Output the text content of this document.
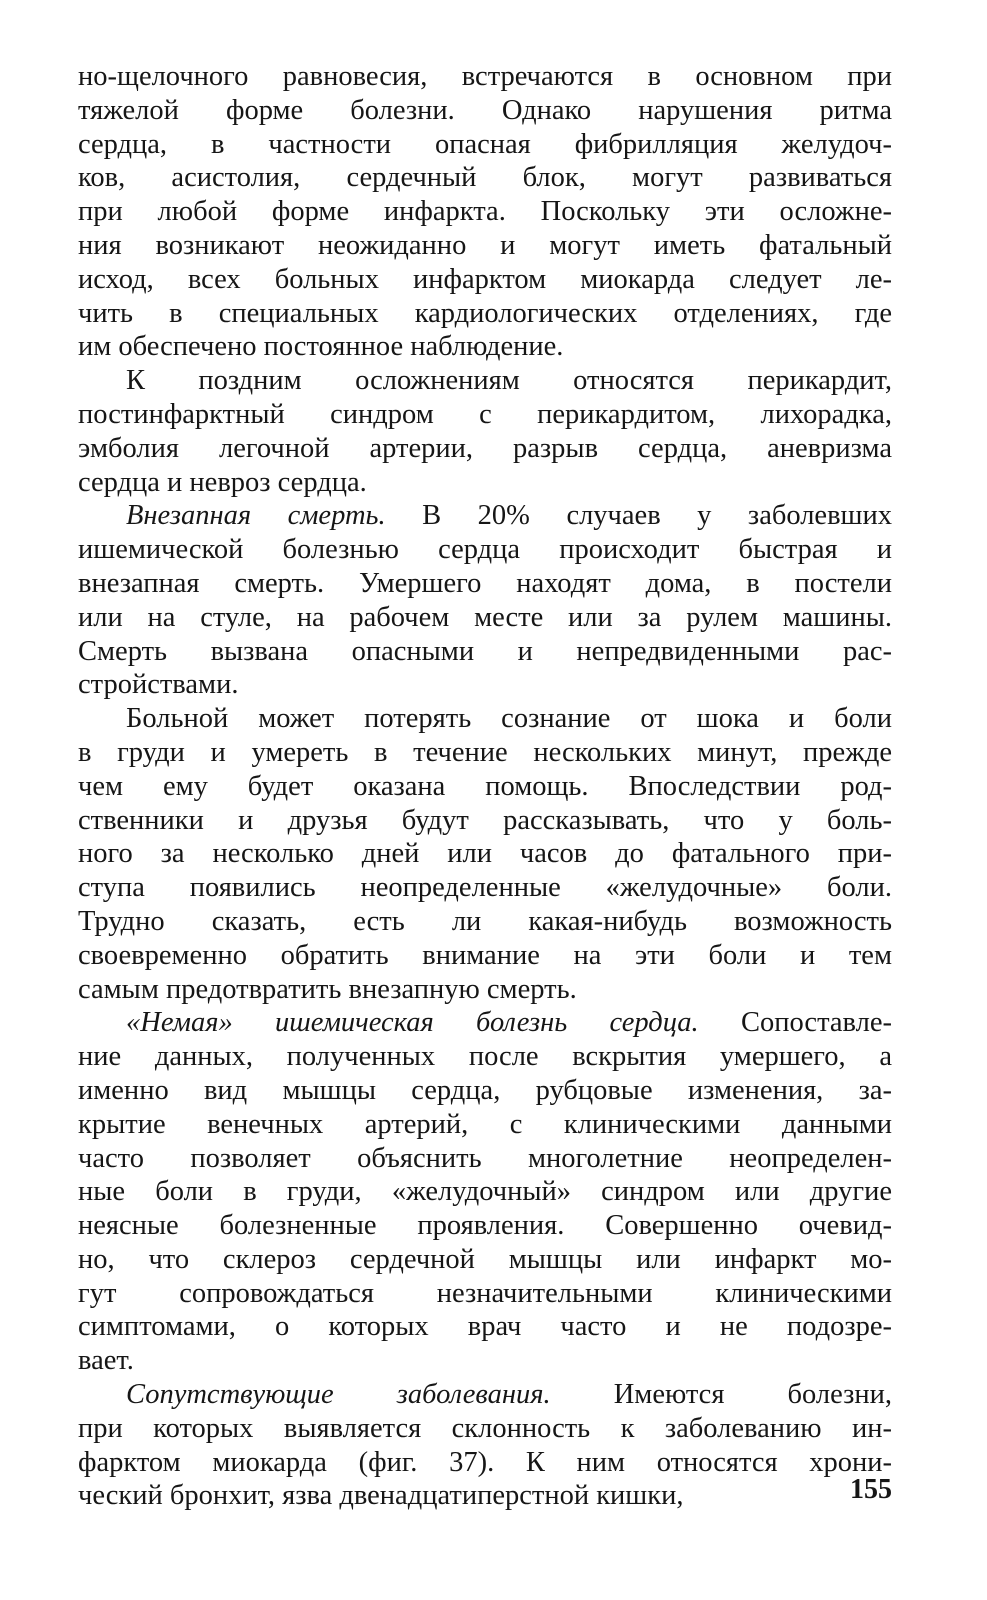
но-щелочного равновесия, встречаются в основном при
тяжелой форме болезни. Однако нарушения ритма
сердца, в частности опасная фибрилляция желудоч-
ков, асистолия, сердечный блок, могут развиваться
при любой форме инфаркта. Поскольку эти осложне-
ния возникают неожиданно и могут иметь фатальный
исход, всех больных инфарктом миокарда следует ле-
чить в специальных кардиологических отделениях, где
им обеспечено постоянное наблюдение.
К поздним осложнениям относятся перикардит,
постинфарктный синдром с перикардитом, лихорадка,
эмболия легочной артерии, разрыв сердца, аневризма
сердца и невроз сердца.
Внезапная смерть. В 20% случаев у заболевших
ишемической болезнью сердца происходит быстрая и
внезапная смерть. Умершего находят дома, в постели
или на стуле, на рабочем месте или за рулем машины.
Смерть вызвана опасными и непредвиденными рас-
стройствами.
Больной может потерять сознание от шока и боли
в груди и умереть в течение нескольких минут, прежде
чем ему будет оказана помощь. Впоследствии род-
ственники и друзья будут рассказывать, что у боль-
ного за несколько дней или часов до фатального при-
ступа появились неопределенные «желудочные» боли.
Трудно сказать, есть ли какая-нибудь возможность
своевременно обратить внимание на эти боли и тем
самым предотвратить внезапную смерть.
«Немая» ишемическая болезнь сердца. Сопоставле-
ние данных, полученных после вскрытия умершего, а
именно вид мышцы сердца, рубцовые изменения, за-
крытие венечных артерий, с клиническими данными
часто позволяет объяснить многолетние неопределен-
ные боли в груди, «желудочный» синдром или другие
неясные болезненные проявления. Совершенно очевид-
но, что склероз сердечной мышцы или инфаркт мо-
гут сопровождаться незначительными клиническими
симптомами, о которых врач часто и не подозре-
вает.
Сопутствующие заболевания. Имеются болезни,
при которых выявляется склонность к заболеванию ин-
фарктом миокарда (фиг. 37). К ним относятся хрони-
ческий бронхит, язва двенадцатиперстной кишки,	155
